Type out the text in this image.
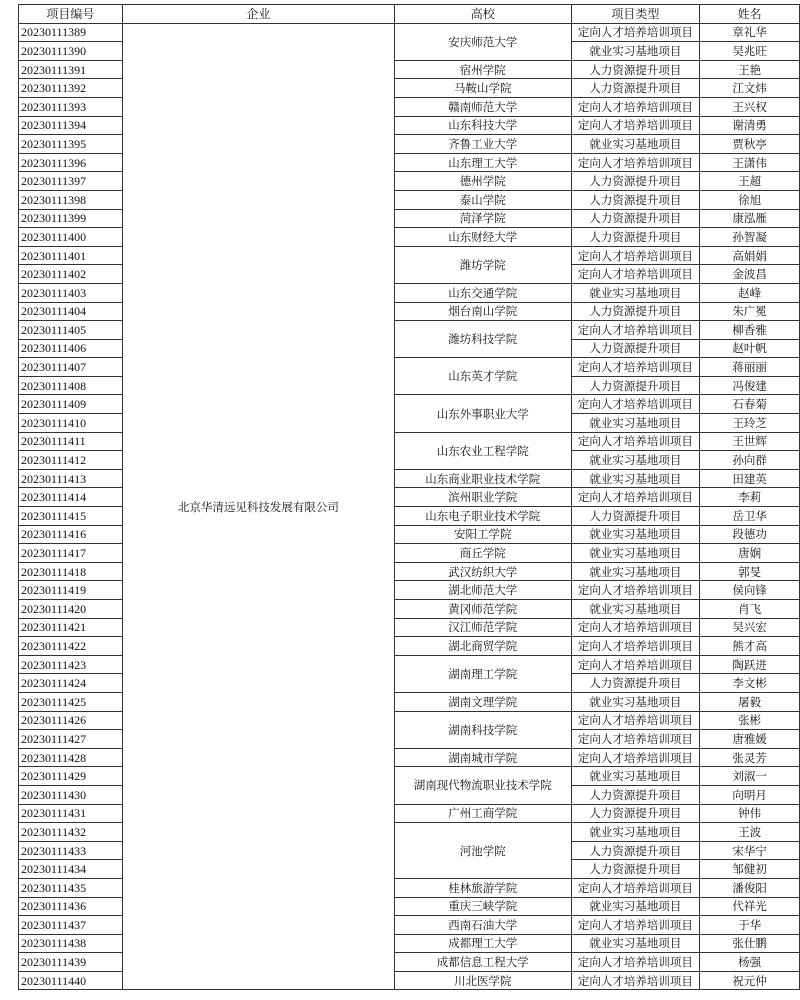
项目编号	企业	高校	项目类型	姓名
20230111389	北京华清远见科技发展有限公司	安庆师范大学	定向人才培养培训项目	章礼华
20230111390			就业实习基地项目	吴兆旺
20230111391		宿州学院	人力资源提升项目	王艳
20230111392		马鞍山学院	人力资源提升项目	江文炜
20230111393		赣南师范大学	定向人才培养培训项目	王兴权
20230111394		山东科技大学	定向人才培养培训项目	谢清勇
20230111395		齐鲁工业大学	就业实习基地项目	贾秋亭
20230111396		山东理工大学	定向人才培养培训项目	王潇伟
20230111397		德州学院	人力资源提升项目	王超
20230111398		泰山学院	人力资源提升项目	徐旭
20230111399		菏泽学院	人力资源提升项目	康泓雁
20230111400		山东财经大学	人力资源提升项目	孙智凝
20230111401		潍坊学院	定向人才培养培训项目	高娟娟
20230111402			定向人才培养培训项目	金波昌
20230111403		山东交通学院	就业实习基地项目	赵峰
20230111404		烟台南山学院	人力资源提升项目	朱广冕
20230111405		潍坊科技学院	定向人才培养培训项目	柳香雅
20230111406			人力资源提升项目	赵叶帆
20230111407		山东英才学院	定向人才培养培训项目	蒋丽丽
20230111408			人力资源提升项目	冯俊建
20230111409		山东外事职业大学	定向人才培养培训项目	石春菊
20230111410			就业实习基地项目	王玲芝
20230111411		山东农业工程学院	定向人才培养培训项目	王世辉
20230111412			就业实习基地项目	孙向群
20230111413		山东商业职业技术学院	就业实习基地项目	田建英
20230111414		滨州职业学院	定向人才培养培训项目	李莉
20230111415		山东电子职业技术学院	人力资源提升项目	岳卫华
20230111416		安阳工学院	就业实习基地项目	段德功
20230111417		商丘学院	就业实习基地项目	唐娴
20230111418		武汉纺织大学	就业实习基地项目	郭旻
20230111419		湖北师范大学	定向人才培养培训项目	侯向锋
20230111420		黄冈师范学院	就业实习基地项目	肖飞
20230111421		汉江师范学院	定向人才培养培训项目	吴兴宏
20230111422		湖北商贸学院	定向人才培养培训项目	熊才高
20230111423		湖南理工学院	定向人才培养培训项目	陶跃进
20230111424			人力资源提升项目	李文彬
20230111425		湖南文理学院	就业实习基地项目	屠毅
20230111426		湖南科技学院	定向人才培养培训项目	张彬
20230111427			定向人才培养培训项目	唐雅媛
20230111428		湖南城市学院	定向人才培养培训项目	张灵芳
20230111429		湖南现代物流职业技术学院	就业实习基地项目	刘淑一
20230111430			人力资源提升项目	向明月
20230111431		广州工商学院	人力资源提升项目	钟伟
20230111432		河池学院	就业实习基地项目	王波
20230111433			人力资源提升项目	宋华宁
20230111434			人力资源提升项目	邹健初
20230111435		桂林旅游学院	定向人才培养培训项目	潘俊阳
20230111436		重庆三峡学院	就业实习基地项目	代祥光
20230111437		西南石油大学	定向人才培养培训项目	于华
20230111438		成都理工大学	就业实习基地项目	张仕鹏
20230111439		成都信息工程大学	定向人才培养培训项目	杨强
20230111440		川北医学院	定向人才培养培训项目	祝元仲
